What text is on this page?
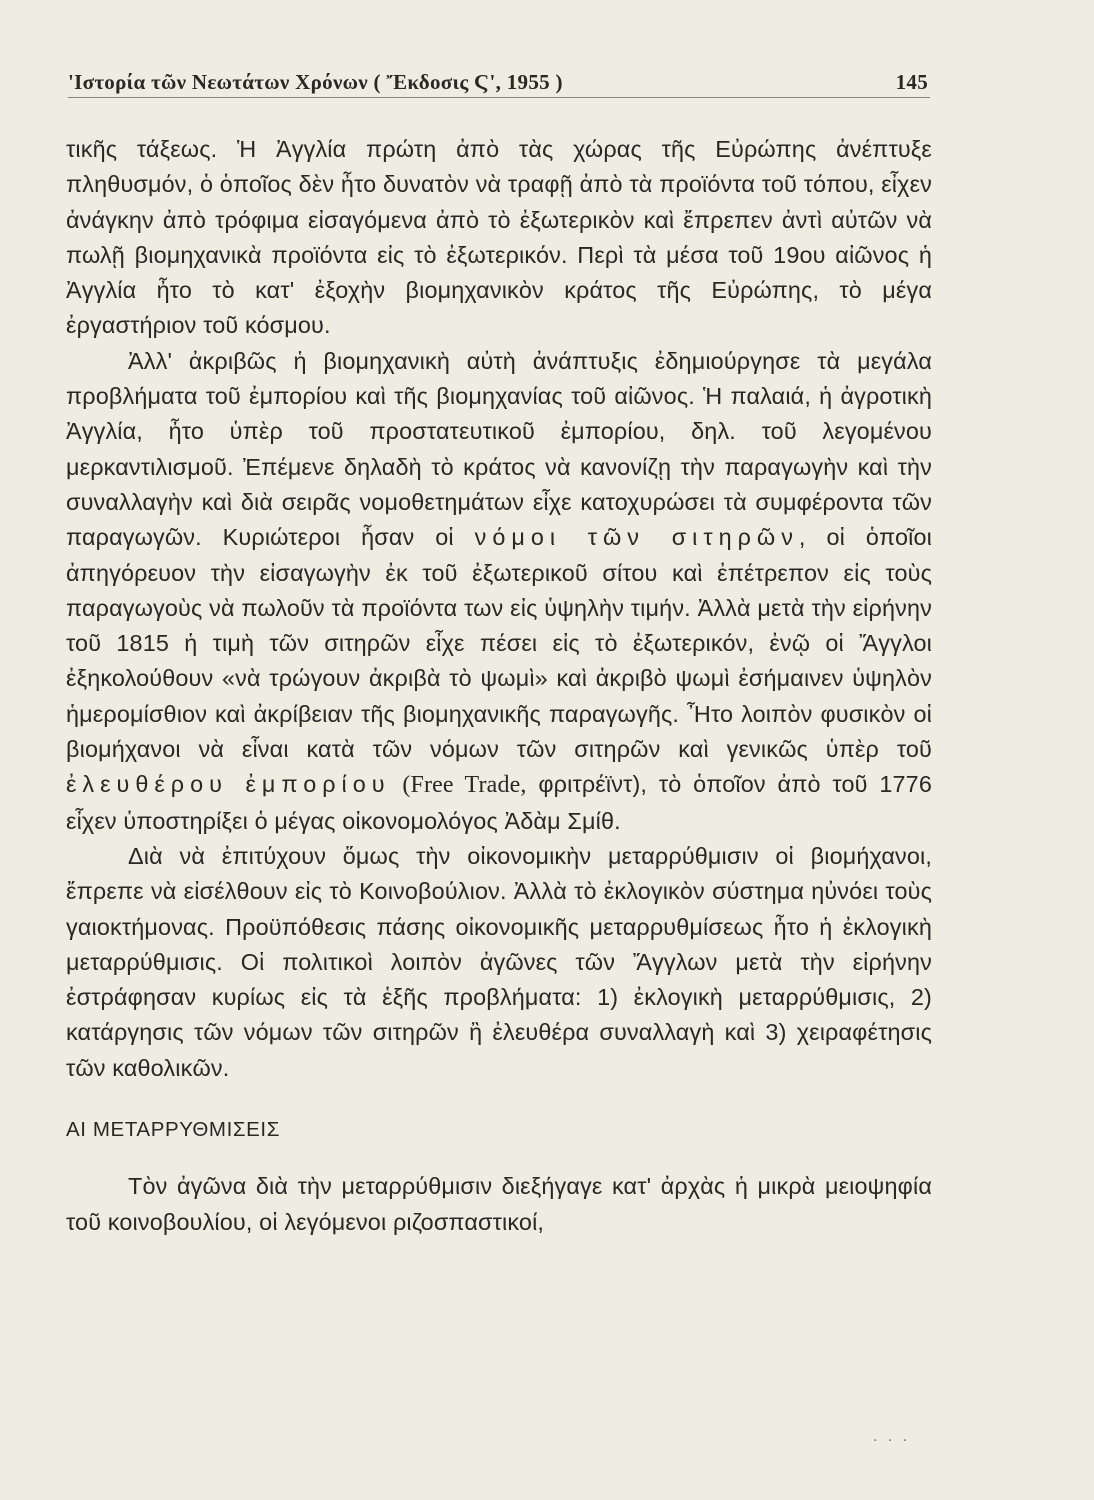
'Ιστορία τῶν Νεωτάτων Χρόνων ( Ἔκδοσις Ϛ', 1955 )	145

τικῆς τάξεως. Ἡ Ἀγγλία πρώτη ἀπὸ τὰς χώρας τῆς Εὐρώπης ἀνέπτυξε πληθυσμόν, ὁ ὁποῖος δὲν ἦτο δυνατὸν νὰ τραφῇ ἀπὸ τὰ προϊόντα τοῦ τόπου, εἶχεν ἀνάγκην ἀπὸ τρόφιμα εἰσαγόμενα ἀπὸ τὸ ἐξωτερικὸν καὶ ἔπρεπεν ἀντὶ αὐτῶν νὰ πωλῇ βιομηχανικὰ προϊόντα εἰς τὸ ἐξωτερικόν. Περὶ τὰ μέσα τοῦ 19ου αἰῶνος ἡ Ἀγγλία ἦτο τὸ κατ' ἐξοχὴν βιομηχανικὸν κράτος τῆς Εὐρώπης, τὸ μέγα ἐργαστήριον τοῦ κόσμου.

Ἀλλ' ἀκριβῶς ἡ βιομηχανικὴ αὐτὴ ἀνάπτυξις ἐδημιούργησε τὰ μεγάλα προβλήματα τοῦ ἐμπορίου καὶ τῆς βιομηχανίας τοῦ αἰῶνος. Ἡ παλαιά, ἡ ἀγροτικὴ Ἀγγλία, ἦτο ὑπὲρ τοῦ προστατευτικοῦ ἐμπορίου, δηλ. τοῦ λεγομένου μερκαντιλισμοῦ. Ἐπέμενε δηλαδὴ τὸ κράτος νὰ κανονίζῃ τὴν παραγωγὴν καὶ τὴν συναλλαγὴν καὶ διὰ σειρᾶς νομοθετημάτων εἶχε κατοχυρώσει τὰ συμφέροντα τῶν παραγωγῶν. Κυριώτεροι ἦσαν οἱ νόμοι τῶν σιτηρῶν, οἱ ὁποῖοι ἀπηγόρευον τὴν εἰσαγωγὴν ἐκ τοῦ ἐξωτερικοῦ σίτου καὶ ἐπέτρεπον εἰς τοὺς παραγωγοὺς νὰ πωλοῦν τὰ προϊόντα των εἰς ὑψηλὴν τιμήν. Ἀλλὰ μετὰ τὴν εἰρήνην τοῦ 1815 ἡ τιμὴ τῶν σιτηρῶν εἶχε πέσει εἰς τὸ ἐξωτερικόν, ἐνῷ οἱ Ἄγγλοι ἐξηκολούθουν «νὰ τρώγουν ἀκριβὰ τὸ ψωμὶ» καὶ ἀκριβὸ ψωμὶ ἐσήμαινεν ὑψηλὸν ἡμερομίσθιον καὶ ἀκρίβειαν τῆς βιομηχανικῆς παραγωγῆς. Ἦτο λοιπὸν φυσικὸν οἱ βιομήχανοι νὰ εἶναι κατὰ τῶν νόμων τῶν σιτηρῶν καὶ γενικῶς ὑπὲρ τοῦ ἐλευθέρου ἐμπορίου (Free Trade, φριτρέϊντ), τὸ ὁποῖον ἀπὸ τοῦ 1776 εἶχεν ὑποστηρίξει ὁ μέγας οἰκονομολόγος Ἀδὰμ Σμίθ.

Διὰ νὰ ἐπιτύχουν ὅμως τὴν οἰκονομικὴν μεταρρύθμισιν οἱ βιομήχανοι, ἔπρεπε νὰ εἰσέλθουν εἰς τὸ Κοινοβούλιον. Ἀλλὰ τὸ ἐκλογικὸν σύστημα ηὐνόει τοὺς γαιοκτήμονας. Προϋπόθεσις πάσης οἰκονομικῆς μεταρρυθμίσεως ἦτο ἡ ἐκλογικὴ μεταρρύθμισις. Οἱ πολιτικοὶ λοιπὸν ἀγῶνες τῶν Ἄγγλων μετὰ τὴν εἰρήνην ἐστράφησαν κυρίως εἰς τὰ ἑξῆς προβλήματα: 1) ἐκλογικὴ μεταρρύθμισις, 2) κατάργησις τῶν νόμων τῶν σιτηρῶν ἢ ἐλευθέρα συναλλαγὴ καὶ 3) χειραφέτησις τῶν καθολικῶν.

ΑΙ ΜΕΤΑΡΡΥΘΜΙΣΕΙΣ

Τὸν ἀγῶνα διὰ τὴν μεταρρύθμισιν διεξήγαγε κατ' ἀρχὰς ἡ μικρὰ μειοψηφία τοῦ κοινοβουλίου, οἱ λεγόμενοι ριζοσπαστικοί,

· · ·
